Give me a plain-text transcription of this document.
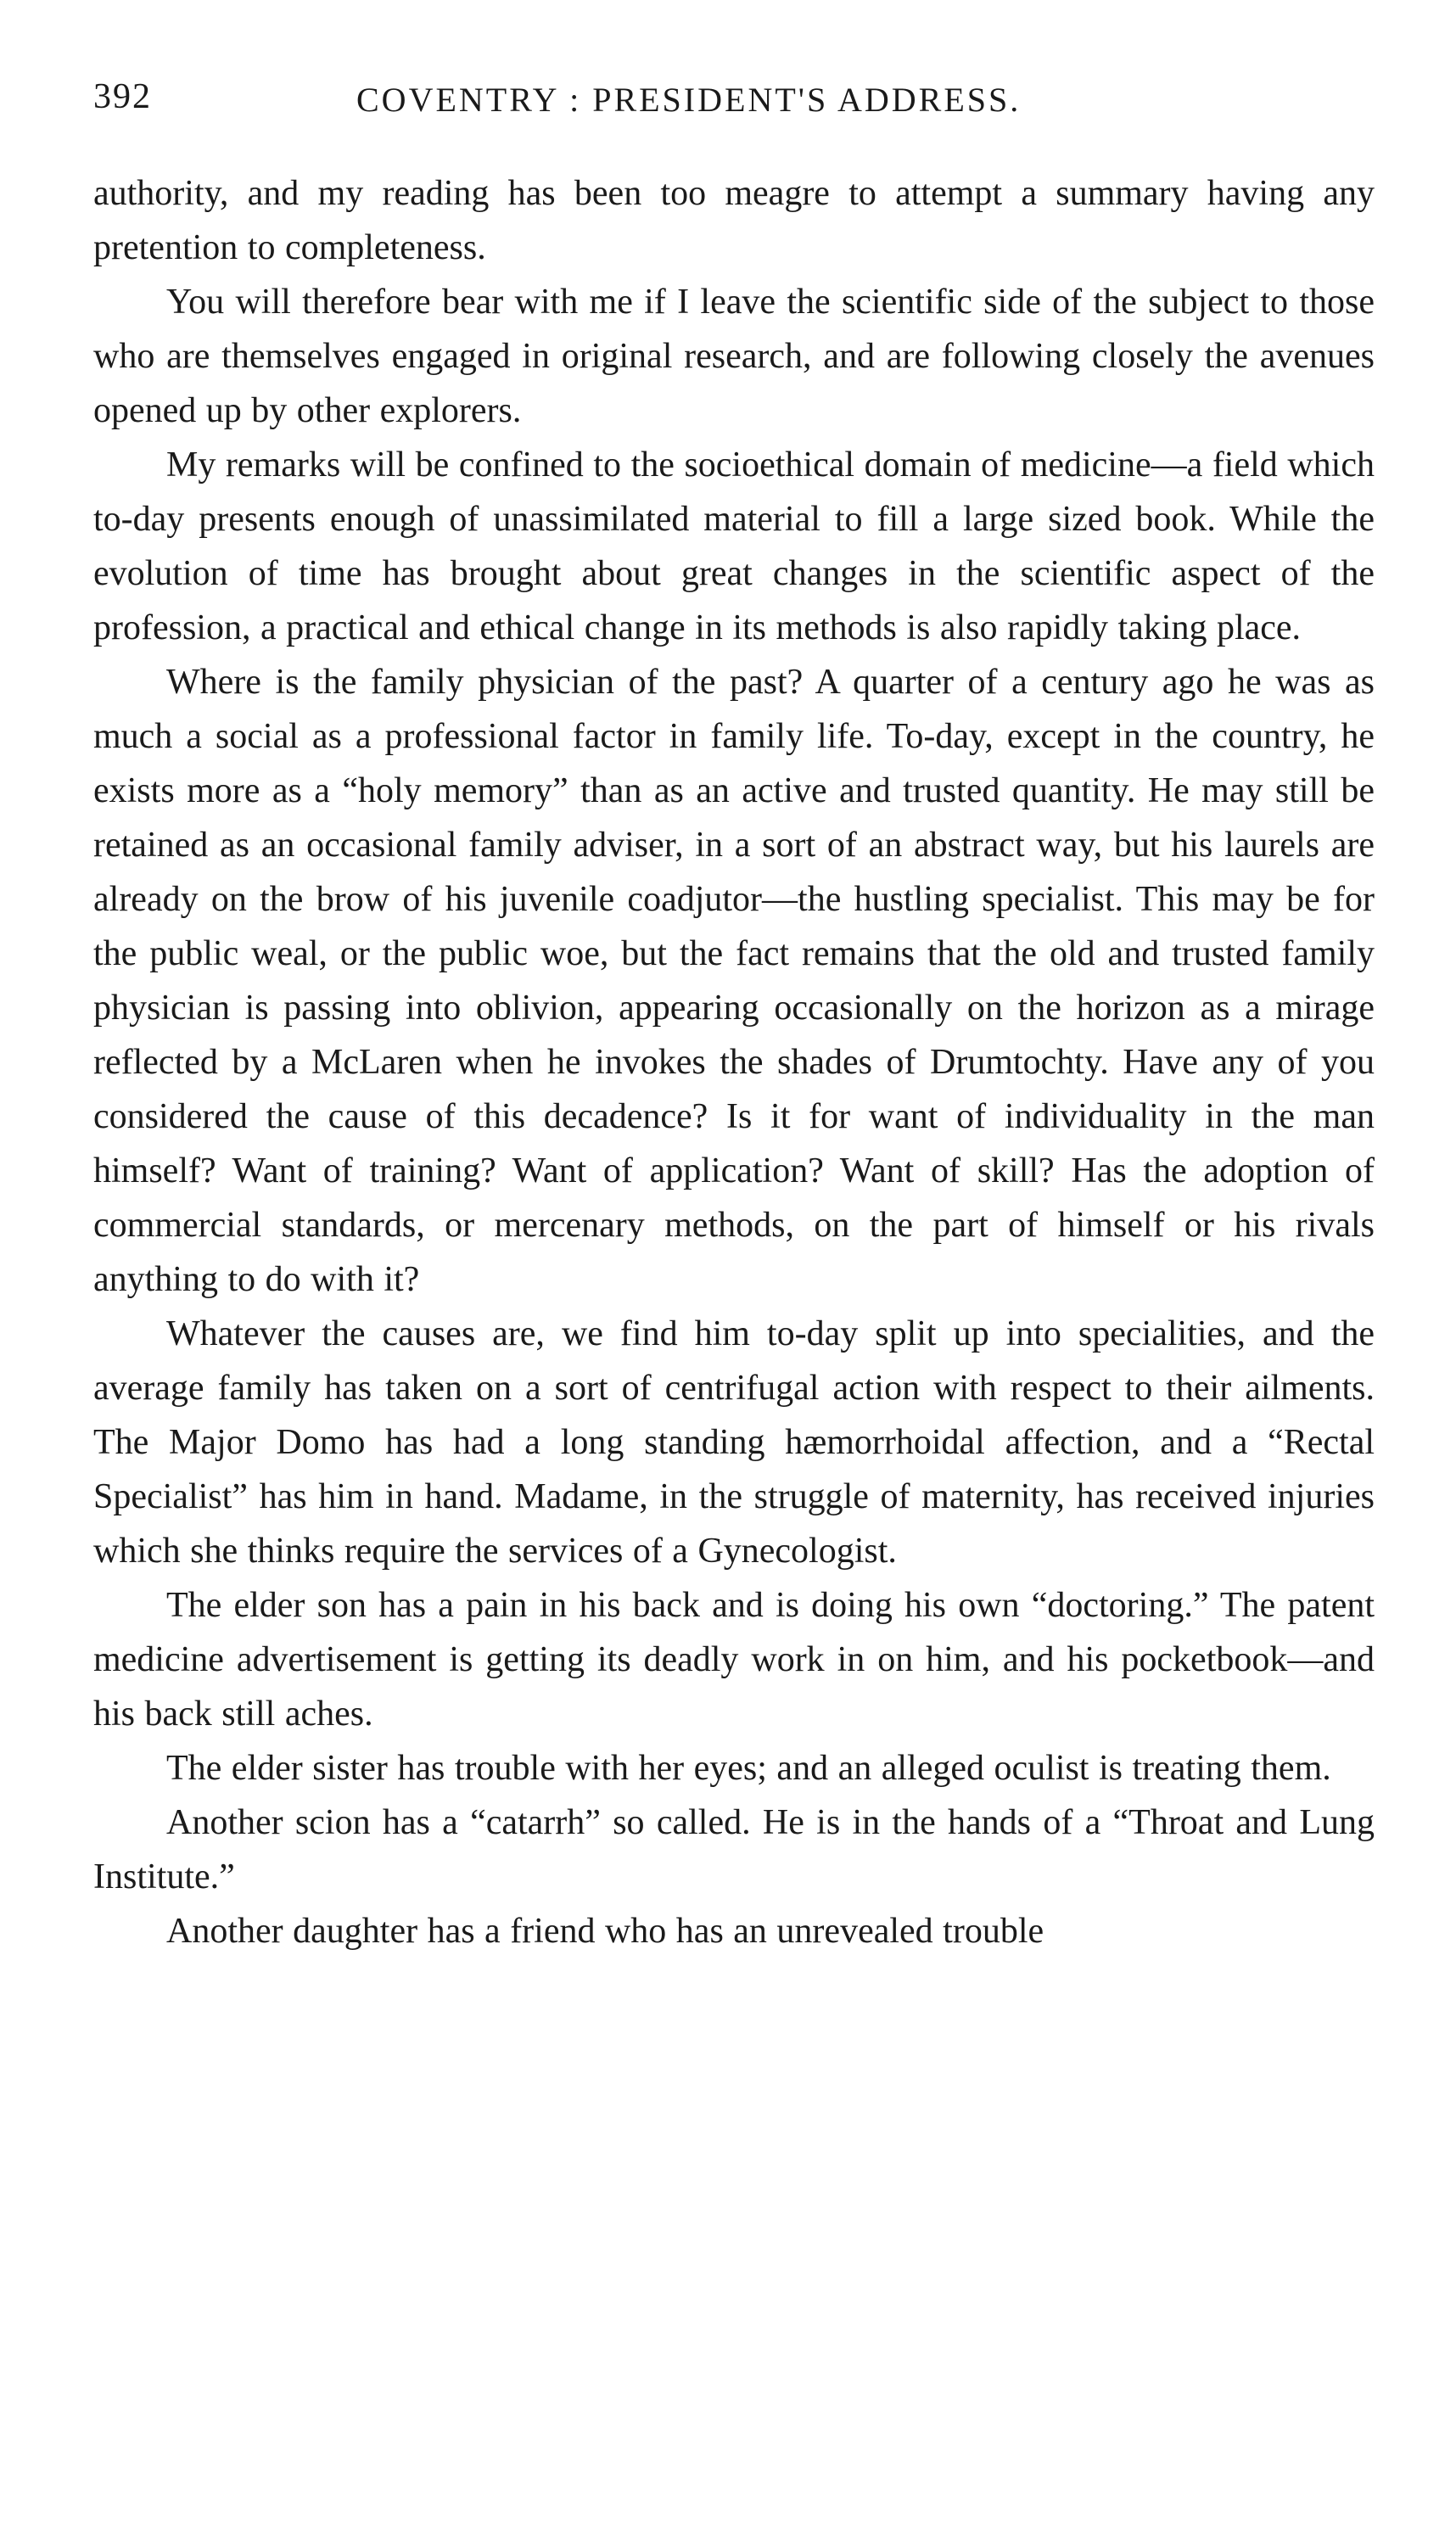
392	COVENTRY : PRESIDENT'S ADDRESS.

authority, and my reading has been too meagre to attempt a summary having any pretention to completeness.

You will therefore bear with me if I leave the scientific side of the subject to those who are themselves engaged in original research, and are following closely the avenues opened up by other explorers.

My remarks will be confined to the socioethical domain of medicine—a field which to-day presents enough of unassimilated material to fill a large sized book. While the evolution of time has brought about great changes in the scientific aspect of the profession, a practical and ethical change in its methods is also rapidly taking place.

Where is the family physician of the past? A quarter of a century ago he was as much a social as a professional factor in family life. To-day, except in the country, he exists more as a “holy memory” than as an active and trusted quantity. He may still be retained as an occasional family adviser, in a sort of an abstract way, but his laurels are already on the brow of his juvenile coadjutor—the hustling specialist. This may be for the public weal, or the public woe, but the fact remains that the old and trusted family physician is passing into oblivion, appearing occasionally on the horizon as a mirage reflected by a McLaren when he invokes the shades of Drumtochty. Have any of you considered the cause of this decadence? Is it for want of individuality in the man himself? Want of training? Want of application? Want of skill? Has the adoption of commercial standards, or mercenary methods, on the part of himself or his rivals anything to do with it?

Whatever the causes are, we find him to-day split up into specialities, and the average family has taken on a sort of centrifugal action with respect to their ailments. The Major Domo has had a long standing hæmorrhoidal affection, and a “Rectal Specialist” has him in hand. Madame, in the struggle of maternity, has received injuries which she thinks require the services of a Gynecologist.

The elder son has a pain in his back and is doing his own “doctoring.” The patent medicine advertisement is getting its deadly work in on him, and his pocketbook—and his back still aches.

The elder sister has trouble with her eyes; and an alleged oculist is treating them.

Another scion has a “catarrh” so called. He is in the hands of a “Throat and Lung Institute.”

Another daughter has a friend who has an unrevealed trouble
